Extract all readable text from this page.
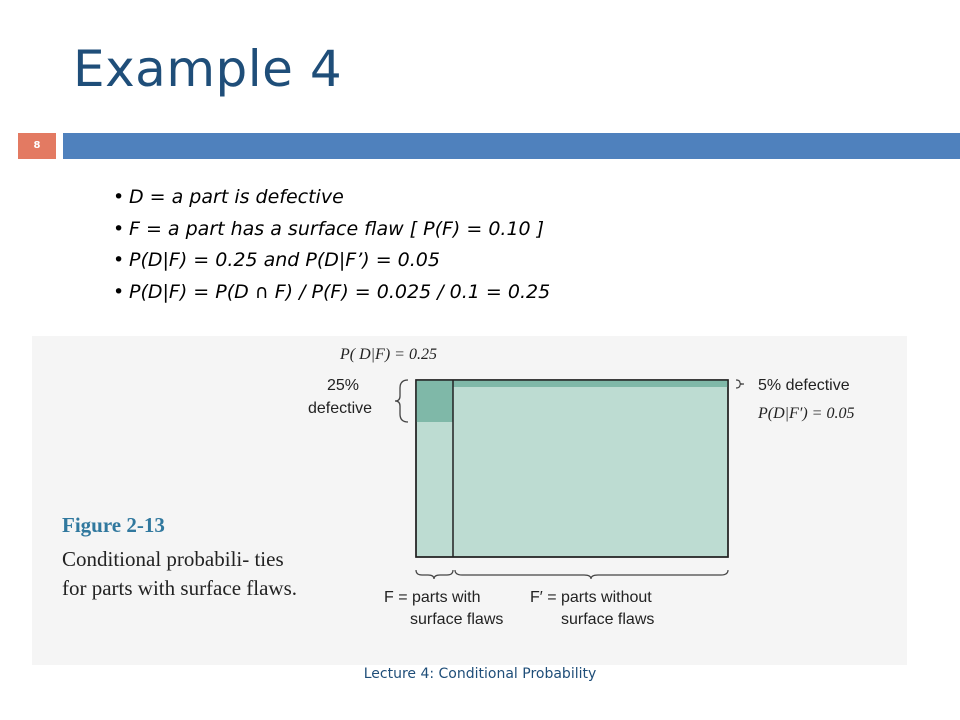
Example 4
8
• D = a part is defective
• F = a part has a surface flaw [ P(F) = 0.10 ]
• P(D|F) = 0.25 and P(D|F’) = 0.05
• P(D|F) = P(D ∩ F) / P(F) = 0.025 / 0.1 = 0.25
P( D|F) = 0.25
25%
defective
5% defective
P(D|F′) = 0.05
F = parts with
surface flaws
F′ = parts without
surface flaws
Figure 2-13
Conditional probabili- ties for parts with surface flaws.
Lecture 4: Conditional Probability
